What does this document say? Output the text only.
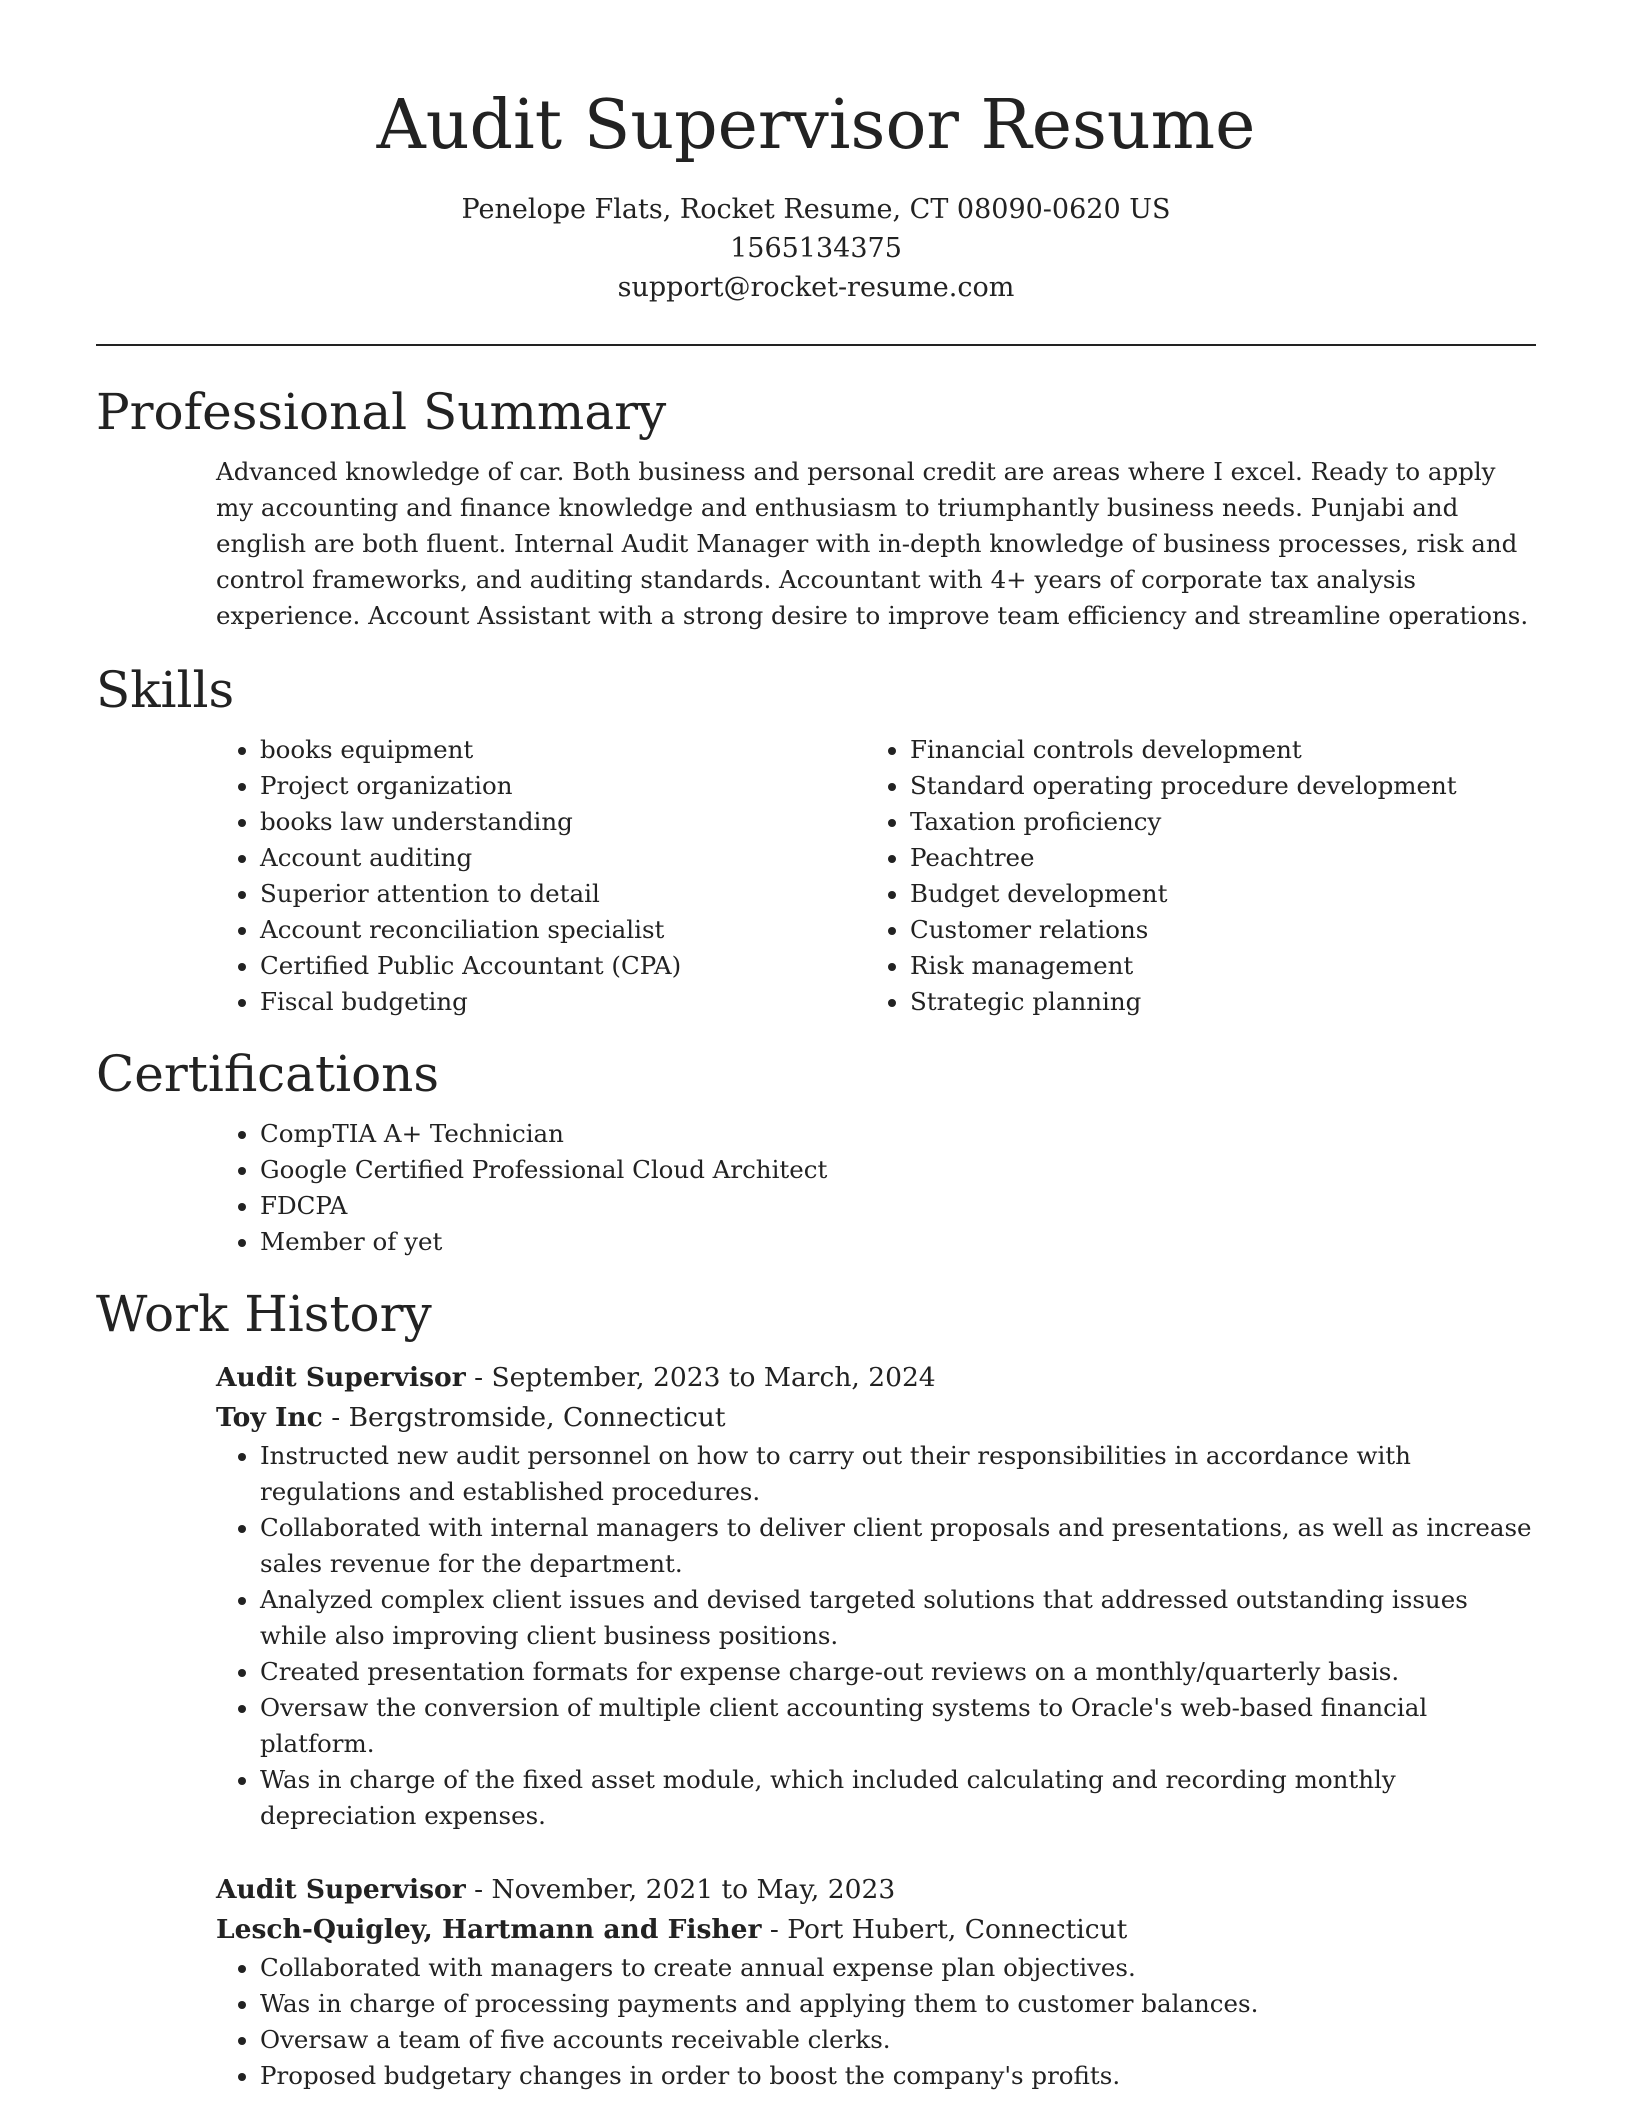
Audit Supervisor Resume
Penelope Flats, Rocket Resume, CT 08090-0620 US
1565134375
support@rocket-resume.com
Professional Summary
Advanced knowledge of car. Both business and personal credit are areas where I excel. Ready to apply my accounting and finance knowledge and enthusiasm to triumphantly business needs. Punjabi and english are both fluent. Internal Audit Manager with in-depth knowledge of business processes, risk and control frameworks, and auditing standards. Accountant with 4+ years of corporate tax analysis experience. Account Assistant with a strong desire to improve team efficiency and streamline operations.
Skills
• books equipment
• Project organization
• books law understanding
• Account auditing
• Superior attention to detail
• Account reconciliation specialist
• Certified Public Accountant (CPA)
• Fiscal budgeting
• Financial controls development
• Standard operating procedure development
• Taxation proficiency
• Peachtree
• Budget development
• Customer relations
• Risk management
• Strategic planning
Certifications
• CompTIA A+ Technician
• Google Certified Professional Cloud Architect
• FDCPA
• Member of yet
Work History
Audit Supervisor - September, 2023 to March, 2024
Toy Inc - Bergstromside, Connecticut
• Instructed new audit personnel on how to carry out their responsibilities in accordance with regulations and established procedures.
• Collaborated with internal managers to deliver client proposals and presentations, as well as increase sales revenue for the department.
• Analyzed complex client issues and devised targeted solutions that addressed outstanding issues while also improving client business positions.
• Created presentation formats for expense charge-out reviews on a monthly/quarterly basis.
• Oversaw the conversion of multiple client accounting systems to Oracle's web-based financial platform.
• Was in charge of the fixed asset module, which included calculating and recording monthly depreciation expenses.
Audit Supervisor - November, 2021 to May, 2023
Lesch-Quigley, Hartmann and Fisher - Port Hubert, Connecticut
• Collaborated with managers to create annual expense plan objectives.
• Was in charge of processing payments and applying them to customer balances.
• Oversaw a team of five accounts receivable clerks.
• Proposed budgetary changes in order to boost the company's profits.
